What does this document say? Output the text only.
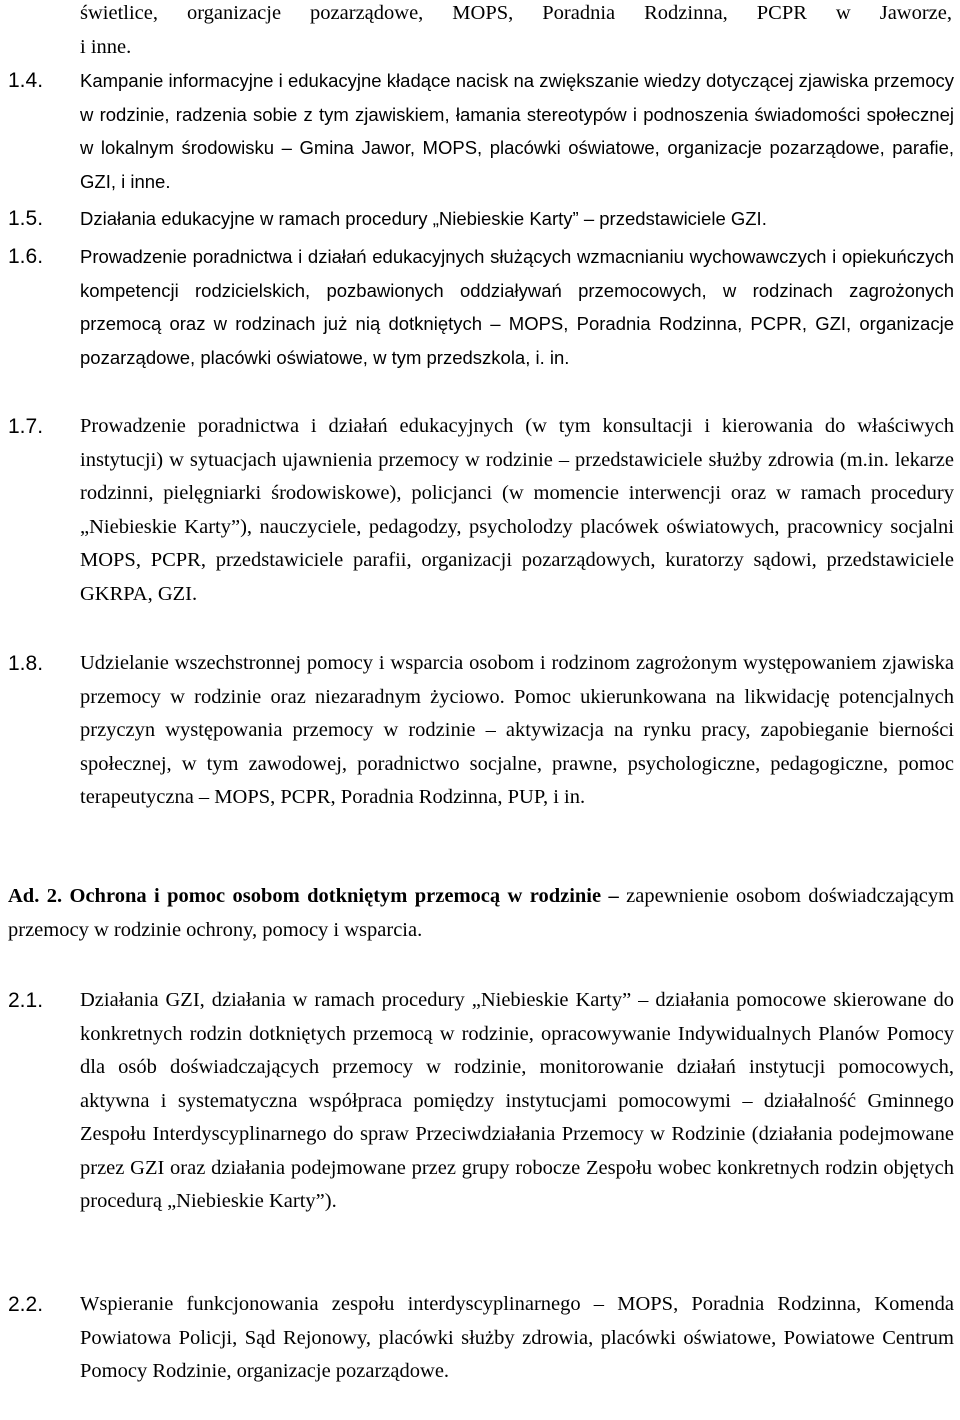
świetlice, organizacje pozarządowe, MOPS, Poradnia Rodzinna, PCPR w Jaworze,
i inne.
1.4. Kampanie informacyjne i edukacyjne kładące nacisk na zwiększanie wiedzy dotyczącej zjawiska przemocy w rodzinie, radzenia sobie z tym zjawiskiem, łamania stereotypów i podnoszenia świadomości społecznej w lokalnym środowisku – Gmina Jawor, MOPS, placówki oświatowe, organizacje pozarządowe, parafie, GZI, i inne.
1.5. Działania edukacyjne w ramach procedury „Niebieskie Karty” – przedstawiciele GZI.
1.6. Prowadzenie poradnictwa i działań edukacyjnych służących wzmacnianiu wychowawczych i opiekuńczych kompetencji rodzicielskich, pozbawionych oddziaływań przemocowych, w rodzinach zagrożonych przemocą oraz w rodzinach już nią dotkniętych – MOPS, Poradnia Rodzinna, PCPR, GZI, organizacje pozarządowe, placówki oświatowe, w tym przedszkola, i. in.
1.7. Prowadzenie poradnictwa i działań edukacyjnych (w tym konsultacji i kierowania do właściwych instytucji) w sytuacjach ujawnienia przemocy w rodzinie – przedstawiciele służby zdrowia (m.in. lekarze rodzinni, pielęgniarki środowiskowe), policjanci (w momencie interwencji oraz w ramach procedury „Niebieskie Karty”), nauczyciele, pedagodzy, psycholodzy placówek oświatowych, pracownicy socjalni MOPS, PCPR, przedstawiciele parafii, organizacji pozarządowych, kuratorzy sądowi, przedstawiciele GKRPA, GZI.
1.8. Udzielanie wszechstronnej pomocy i wsparcia osobom i rodzinom zagrożonym występowaniem zjawiska przemocy w rodzinie oraz niezaradnym życiowo. Pomoc ukierunkowana na likwidację potencjalnych przyczyn występowania przemocy w rodzinie – aktywizacja na rynku pracy, zapobieganie bierności społecznej, w tym zawodowej, poradnictwo socjalne, prawne, psychologiczne, pedagogiczne, pomoc terapeutyczna – MOPS, PCPR, Poradnia Rodzinna, PUP, i in.
Ad. 2. Ochrona i pomoc osobom dotkniętym przemocą w rodzinie – zapewnienie osobom doświadczającym przemocy w rodzinie ochrony, pomocy i wsparcia.
2.1. Działania GZI, działania w ramach procedury „Niebieskie Karty” – działania pomocowe skierowane do konkretnych rodzin dotkniętych przemocą w rodzinie, opracowywanie Indywidualnych Planów Pomocy dla osób doświadczających przemocy w rodzinie, monitorowanie działań instytucji pomocowych, aktywna i systematyczna współpraca pomiędzy instytucjami pomocowymi – działalność Gminnego Zespołu Interdyscyplinarnego do spraw Przeciwdziałania Przemocy w Rodzinie (działania podejmowane przez GZI oraz działania podejmowane przez grupy robocze Zespołu wobec konkretnych rodzin objętych procedurą „Niebieskie Karty”).
2.2. Wspieranie funkcjonowania zespołu interdyscyplinarnego – MOPS, Poradnia Rodzinna, Komenda Powiatowa Policji, Sąd Rejonowy, placówki służby zdrowia, placówki oświatowe, Powiatowe Centrum Pomocy Rodzinie, organizacje pozarządowe.
